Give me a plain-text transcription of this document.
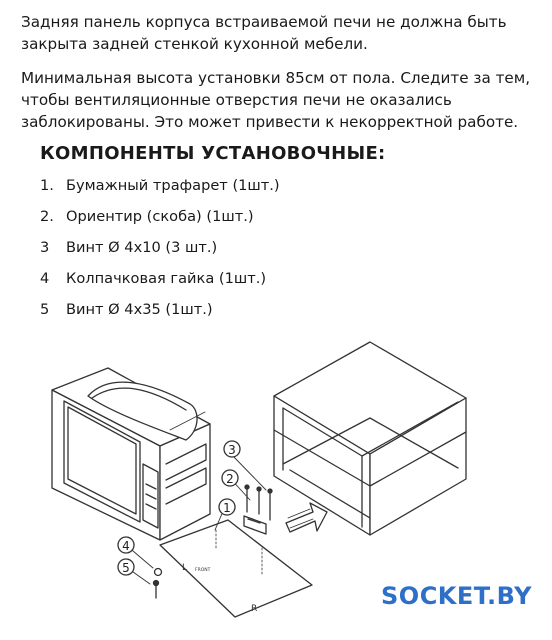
Задняя панель корпуса встраиваемой печи не должна быть закрыта задней стенкой кухонной мебели.

Минимальная высота установки 85см от пола. Следите за тем, чтобы вентиляционные отверстия печи не оказались заблокированы. Это может привести к некорректной работе.

КОМПОНЕНТЫ УСТАНОВОЧНЫЕ:
1. Бумажный трафарет (1шт.)
2. Ориентир (скоба) (1шт.)
3	Винт Ø 4х10 (3 шт.)
4	Колпачковая гайка (1шт.)
5	Винт Ø 4х35 (1шт.)
L
R
FRONT
1
2
3
4
5
SOCKET.BY
